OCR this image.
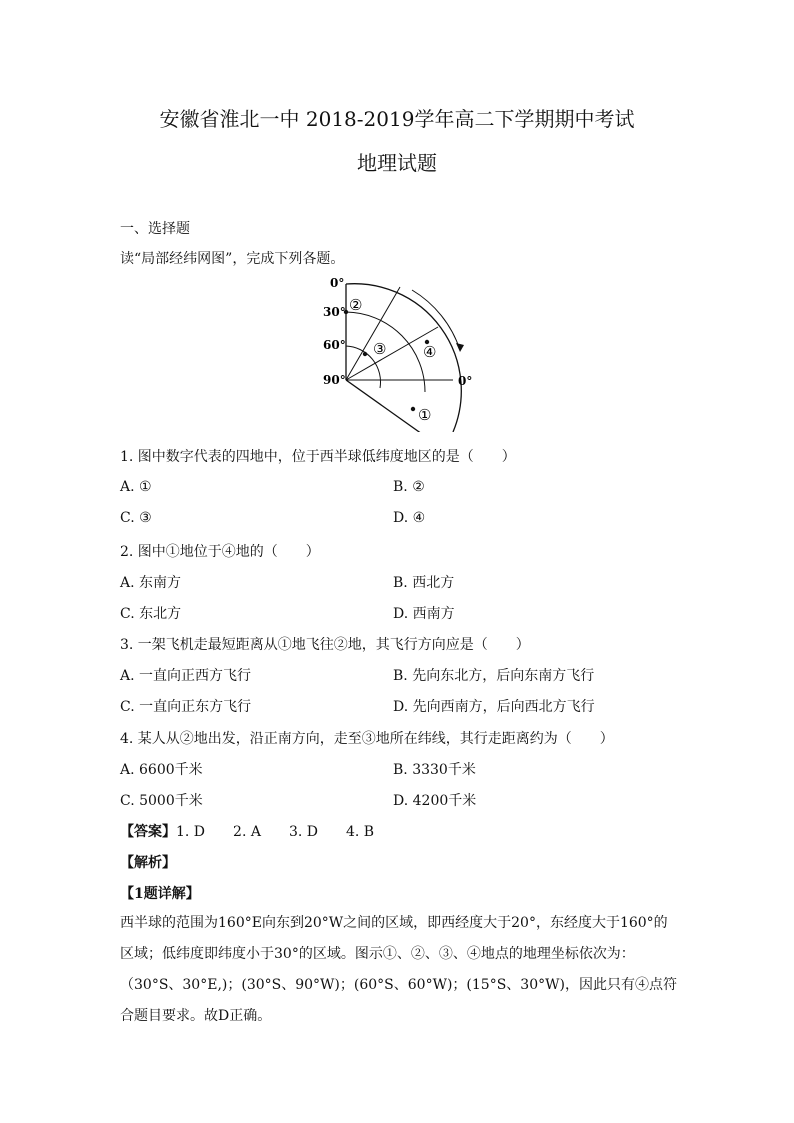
安徽省淮北一中 2018-2019学年高二下学期期中考试
地理试题
一、选择题
读“局部经纬网图”，完成下列各题。
①
②
③ ④
0°
30°
60°
90°	0°
1. 图中数字代表的四地中，位于西半球低纬度地区的是（　　）
A. ①	B. ②
C. ③	D. ④
2. 图中①地位于④地的（　　）
A. 东南方	B. 西北方
C. 东北方	D. 西南方
3. 一架飞机走最短距离从①地飞往②地，其飞行方向应是（　　）
A. 一直向正西方飞行	B. 先向东北方，后向东南方飞行
C. 一直向正东方飞行	D. 先向西南方，后向西北方飞行
4. 某人从②地出发，沿正南方向，走至③地所在纬线，其行走距离约为（　　）
A. 6600千米	B. 3330千米
C. 5000千米	D. 4200千米
【答案】1. D　　2. A　　3. D　　4. B
【解析】
【1题详解】
西半球的范围为160°E向东到20°W之间的区域，即西经度大于20°，东经度大于160°的区域；低纬度即纬度小于30°的区域。图示①、②、③、④地点的地理坐标依次为：（30°S、30°E,)；(30°S、90°W)；(60°S、60°W)；(15°S、30°W)，因此只有④点符合题目要求。故D正确。
